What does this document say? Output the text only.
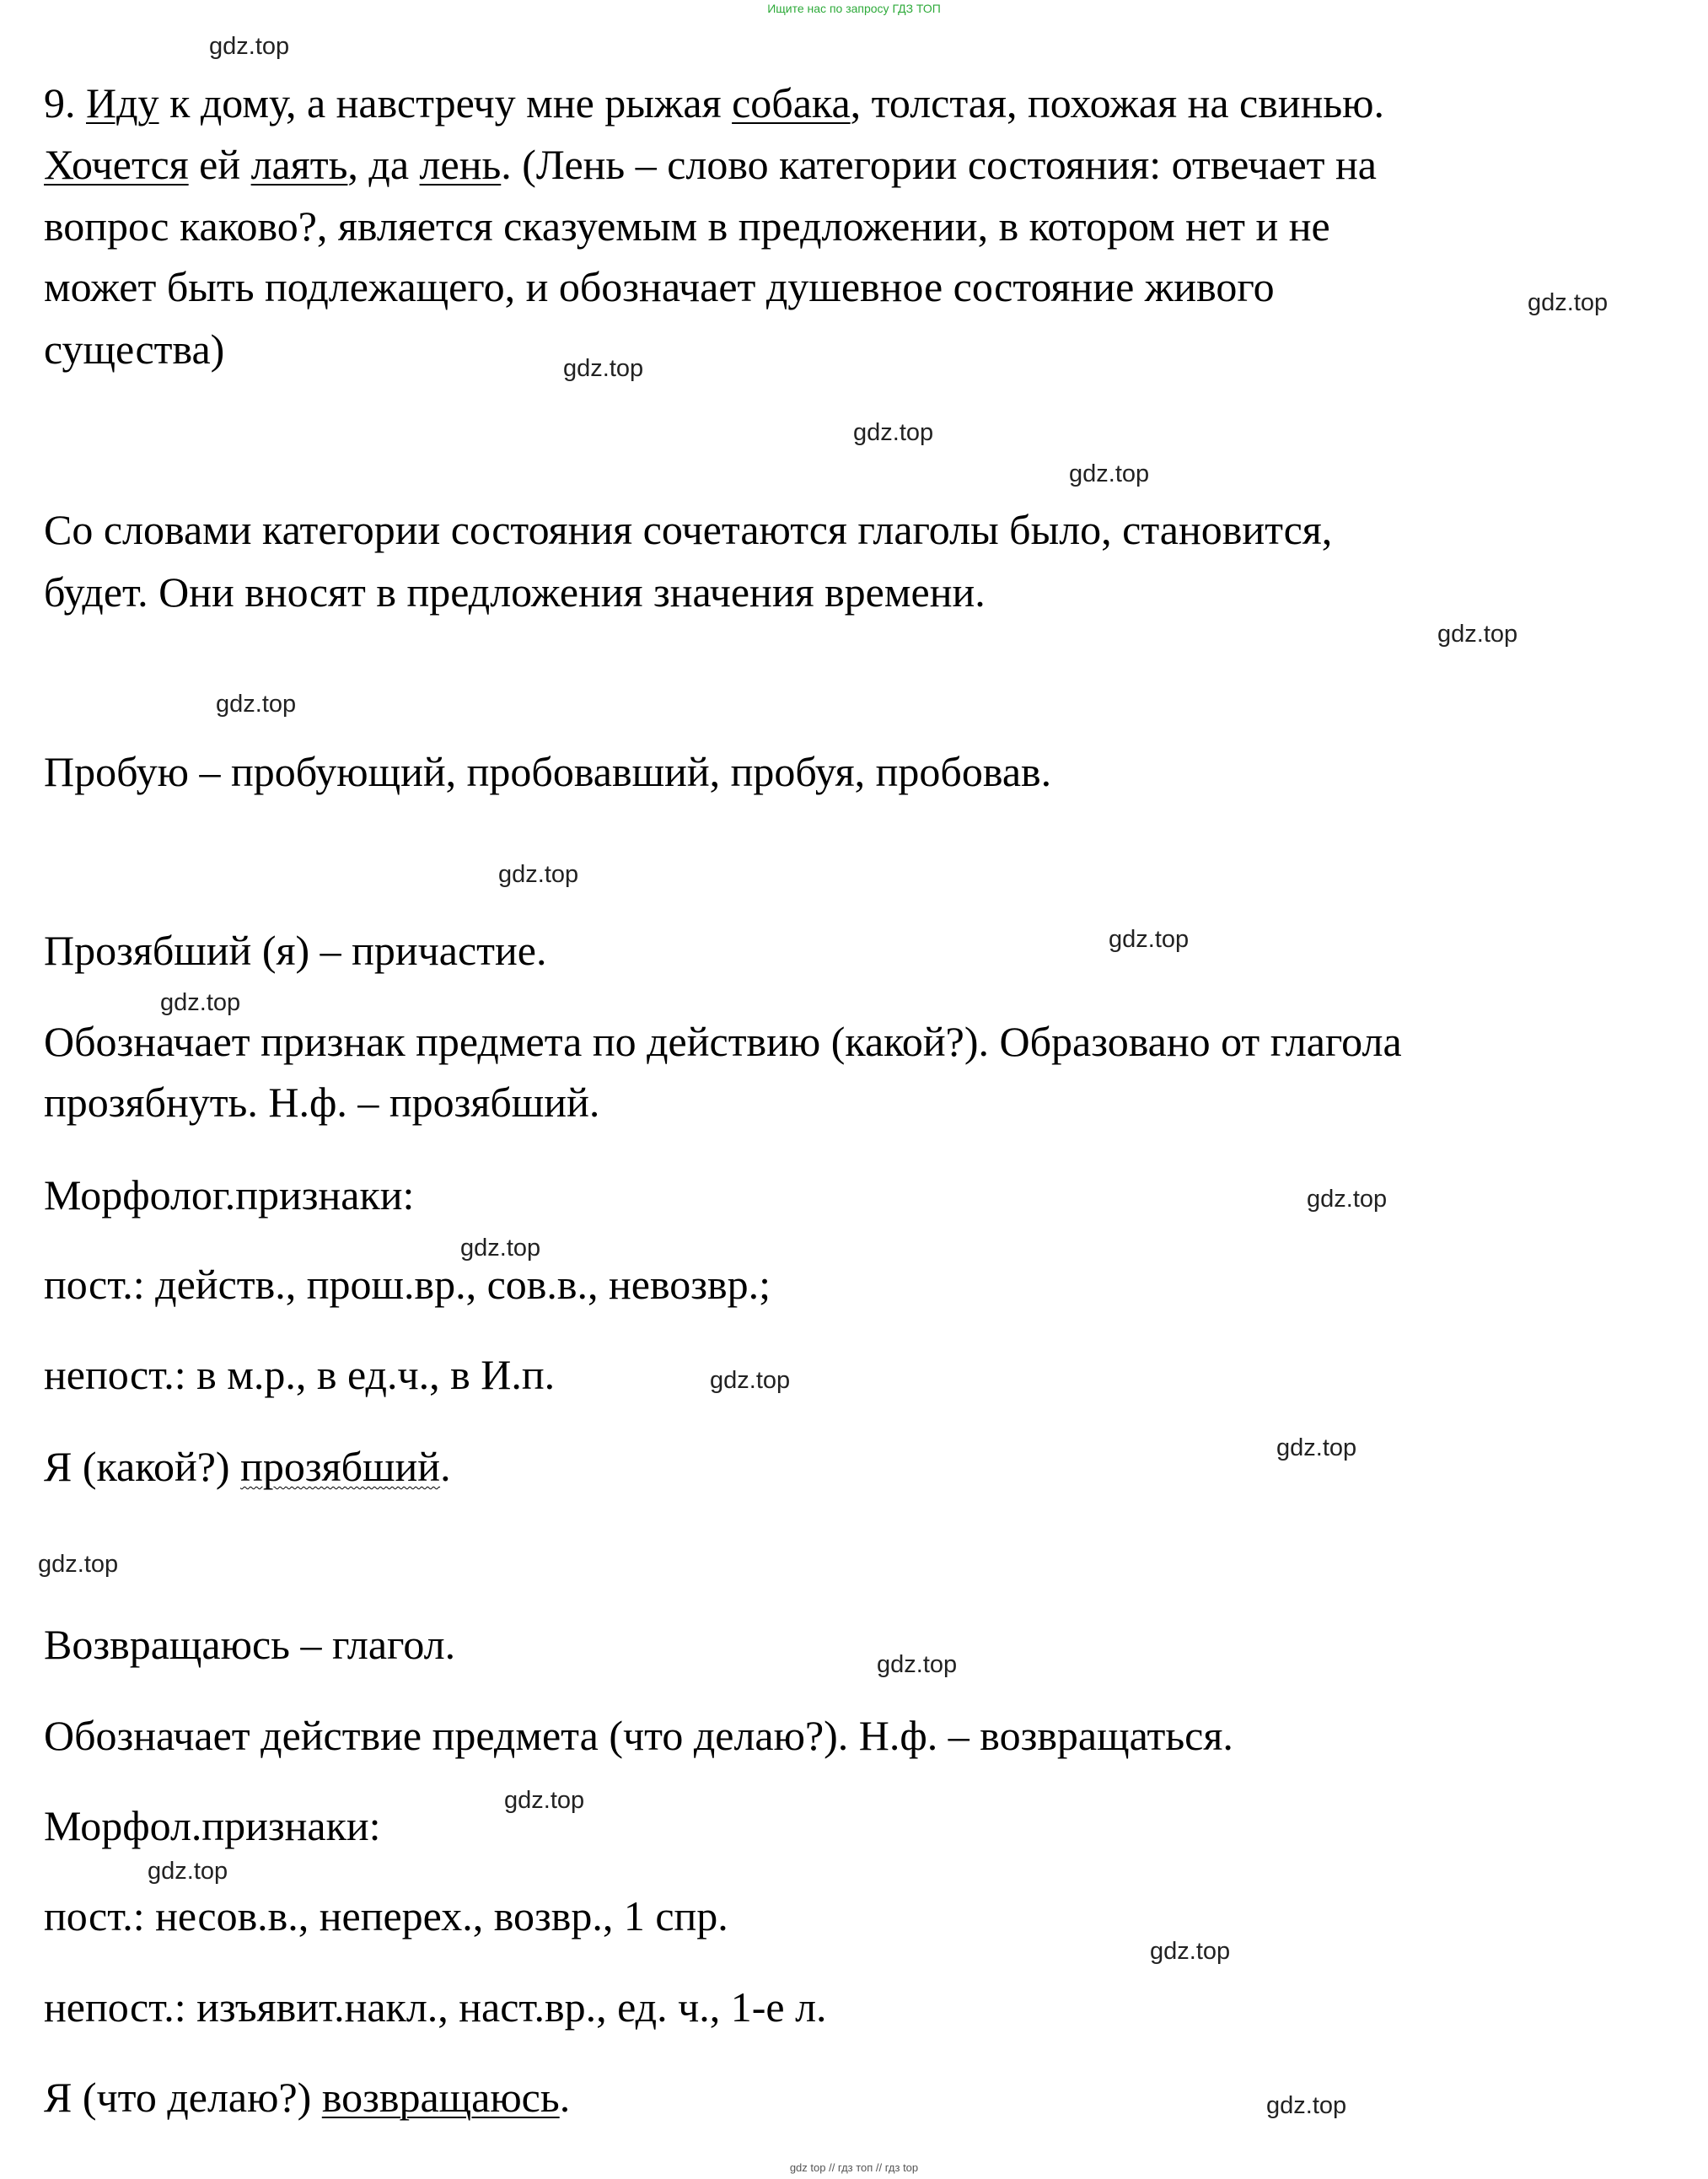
Ищите нас по запросу ГДЗ ТОП
9. Иду к дому, а навстречу мне рыжая собака, толстая, похожая на свинью.
Хочется ей лаять, да лень. (Лень – слово категории состояния: отвечает на
вопрос каково?, является сказуемым в предложении, в котором нет и не
может быть подлежащего, и обозначает душевное состояние живого
существа)
Со словами категории состояния сочетаются глаголы было, становится,
будет. Они вносят в предложения значения времени.
Пробую – пробующий, пробовавший, пробуя, пробовав.
Прозябший (я) – причастие.
Обозначает признак предмета по действию (какой?). Образовано от глагола
прозябнуть. Н.ф. – прозябший.
Морфолог.признаки:
пост.: действ., прош.вр., сов.в., невозвр.;
непост.: в м.р., в ед.ч., в И.п.
Я (какой?) прозябший.
Возвращаюсь – глагол.
Обозначает действие предмета (что делаю?). Н.ф. – возвращаться.
Морфол.признаки:
пост.: несов.в., неперех., возвр., 1 спр.
непост.: изъявит.накл., наст.вр., ед. ч., 1-е л.
Я (что делаю?) возвращаюсь.
gdz.top
gdz.top
gdz.top
gdz.top
gdz.top
gdz.top
gdz.top
gdz.top
gdz.top
gdz.top
gdz.top
gdz.top
gdz.top
gdz.top
gdz.top
gdz.top
gdz.top
gdz.top
gdz.top
gdz.top
gdz top // гдз топ // гдз top
